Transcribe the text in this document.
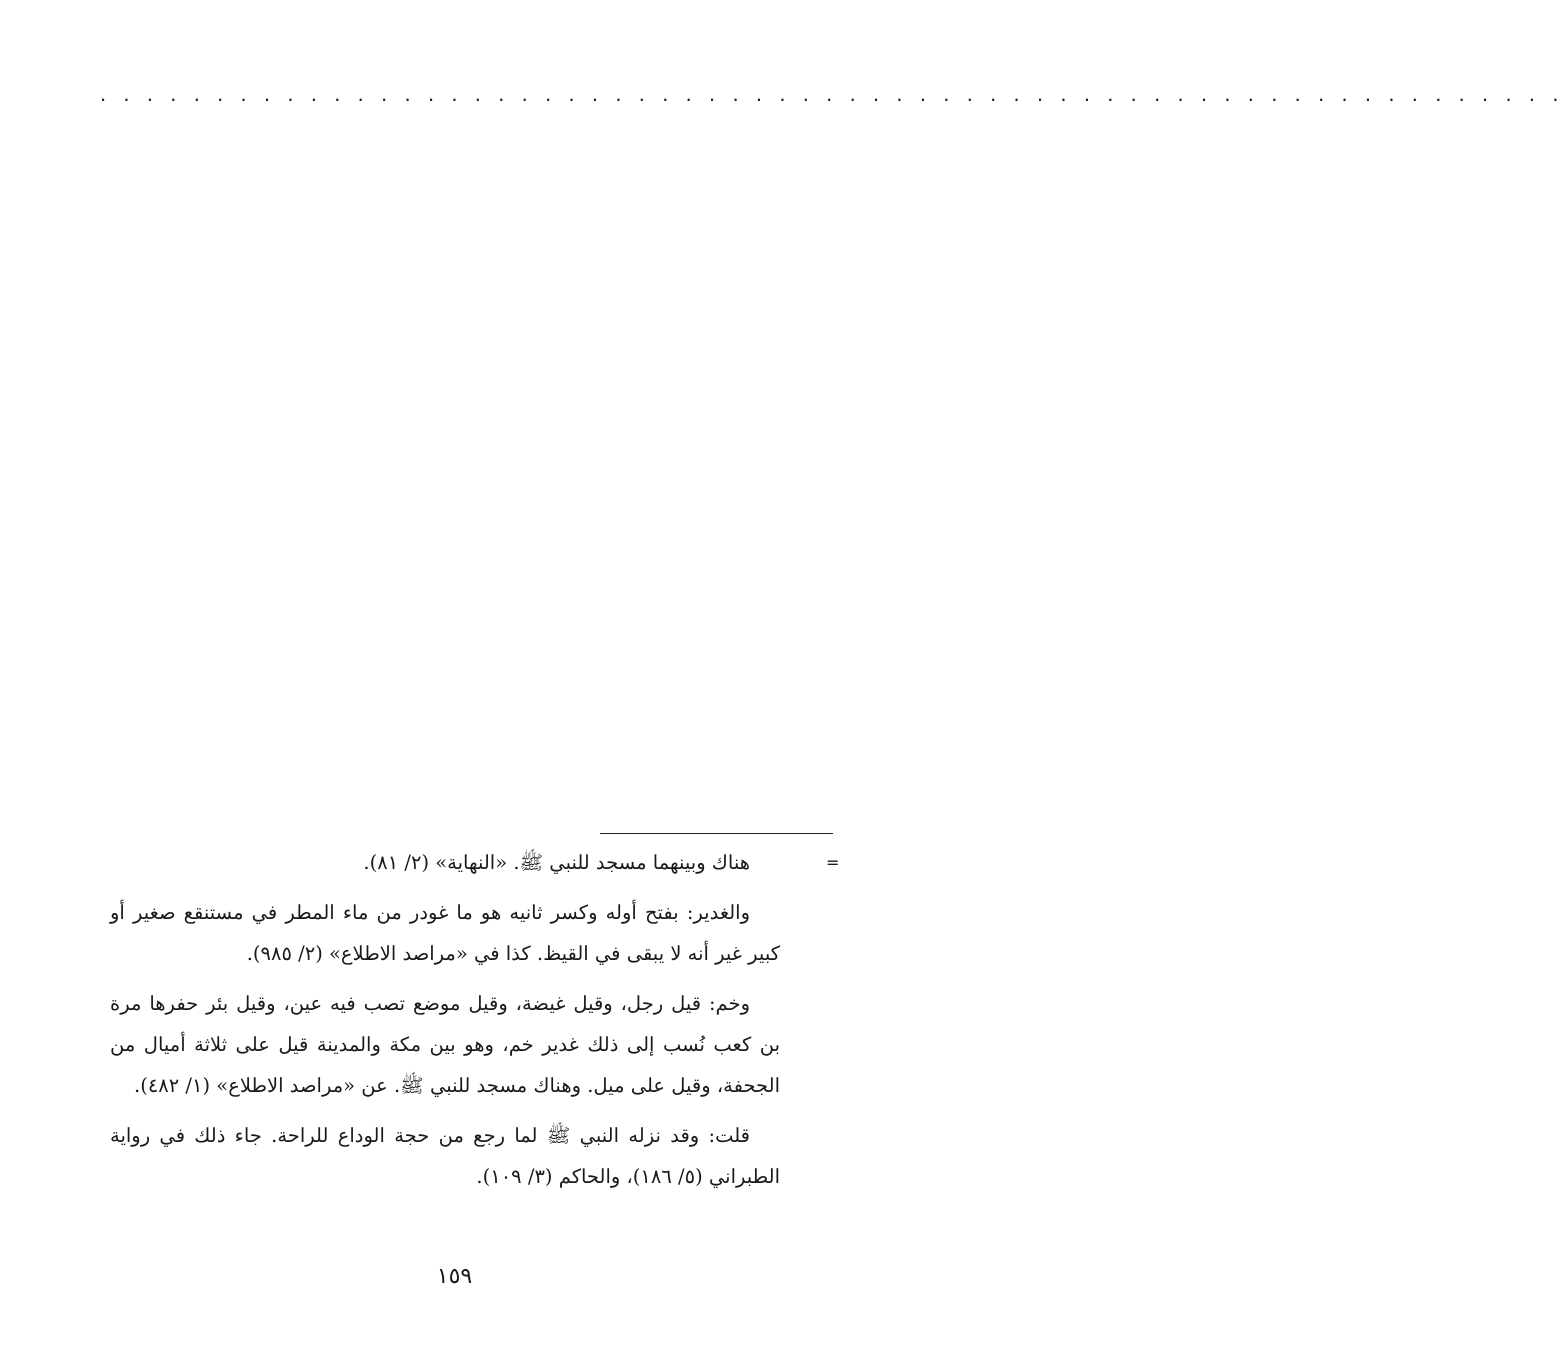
. . . . . . . . . . . . . . . . . . . . . . . . . . . . . . . . . . . . . . . . . . . . . . . . . . . . . . . . . . . . . . .
=

هناك وبينهما مسجد للنبي ﷺ. «النهاية» (٢/ ٨١).

والغدير: بفتح أوله وكسر ثانيه هو ما غودر من ماء المطر في مستنقع صغير أو كبير غير أنه لا يبقى في القيظ. كذا في «مراصد الاطلاع» (٢/ ٩٨٥).

وخم: قيل رجل، وقيل غيضة، وقيل موضع تصب فيه عين، وقيل بئر حفرها مرة بن كعب نُسب إلى ذلك غدير خم، وهو بين مكة والمدينة قيل على ثلاثة أميال من الجحفة، وقيل على ميل. وهناك مسجد للنبي ﷺ. عن «مراصد الاطلاع» (١/ ٤٨٢).

قلت: وقد نزله النبي ﷺ لما رجع من حجة الوداع للراحة. جاء ذلك في رواية الطبراني (٥/ ١٨٦)، والحاكم (٣/ ١٠٩).

١٥٩
